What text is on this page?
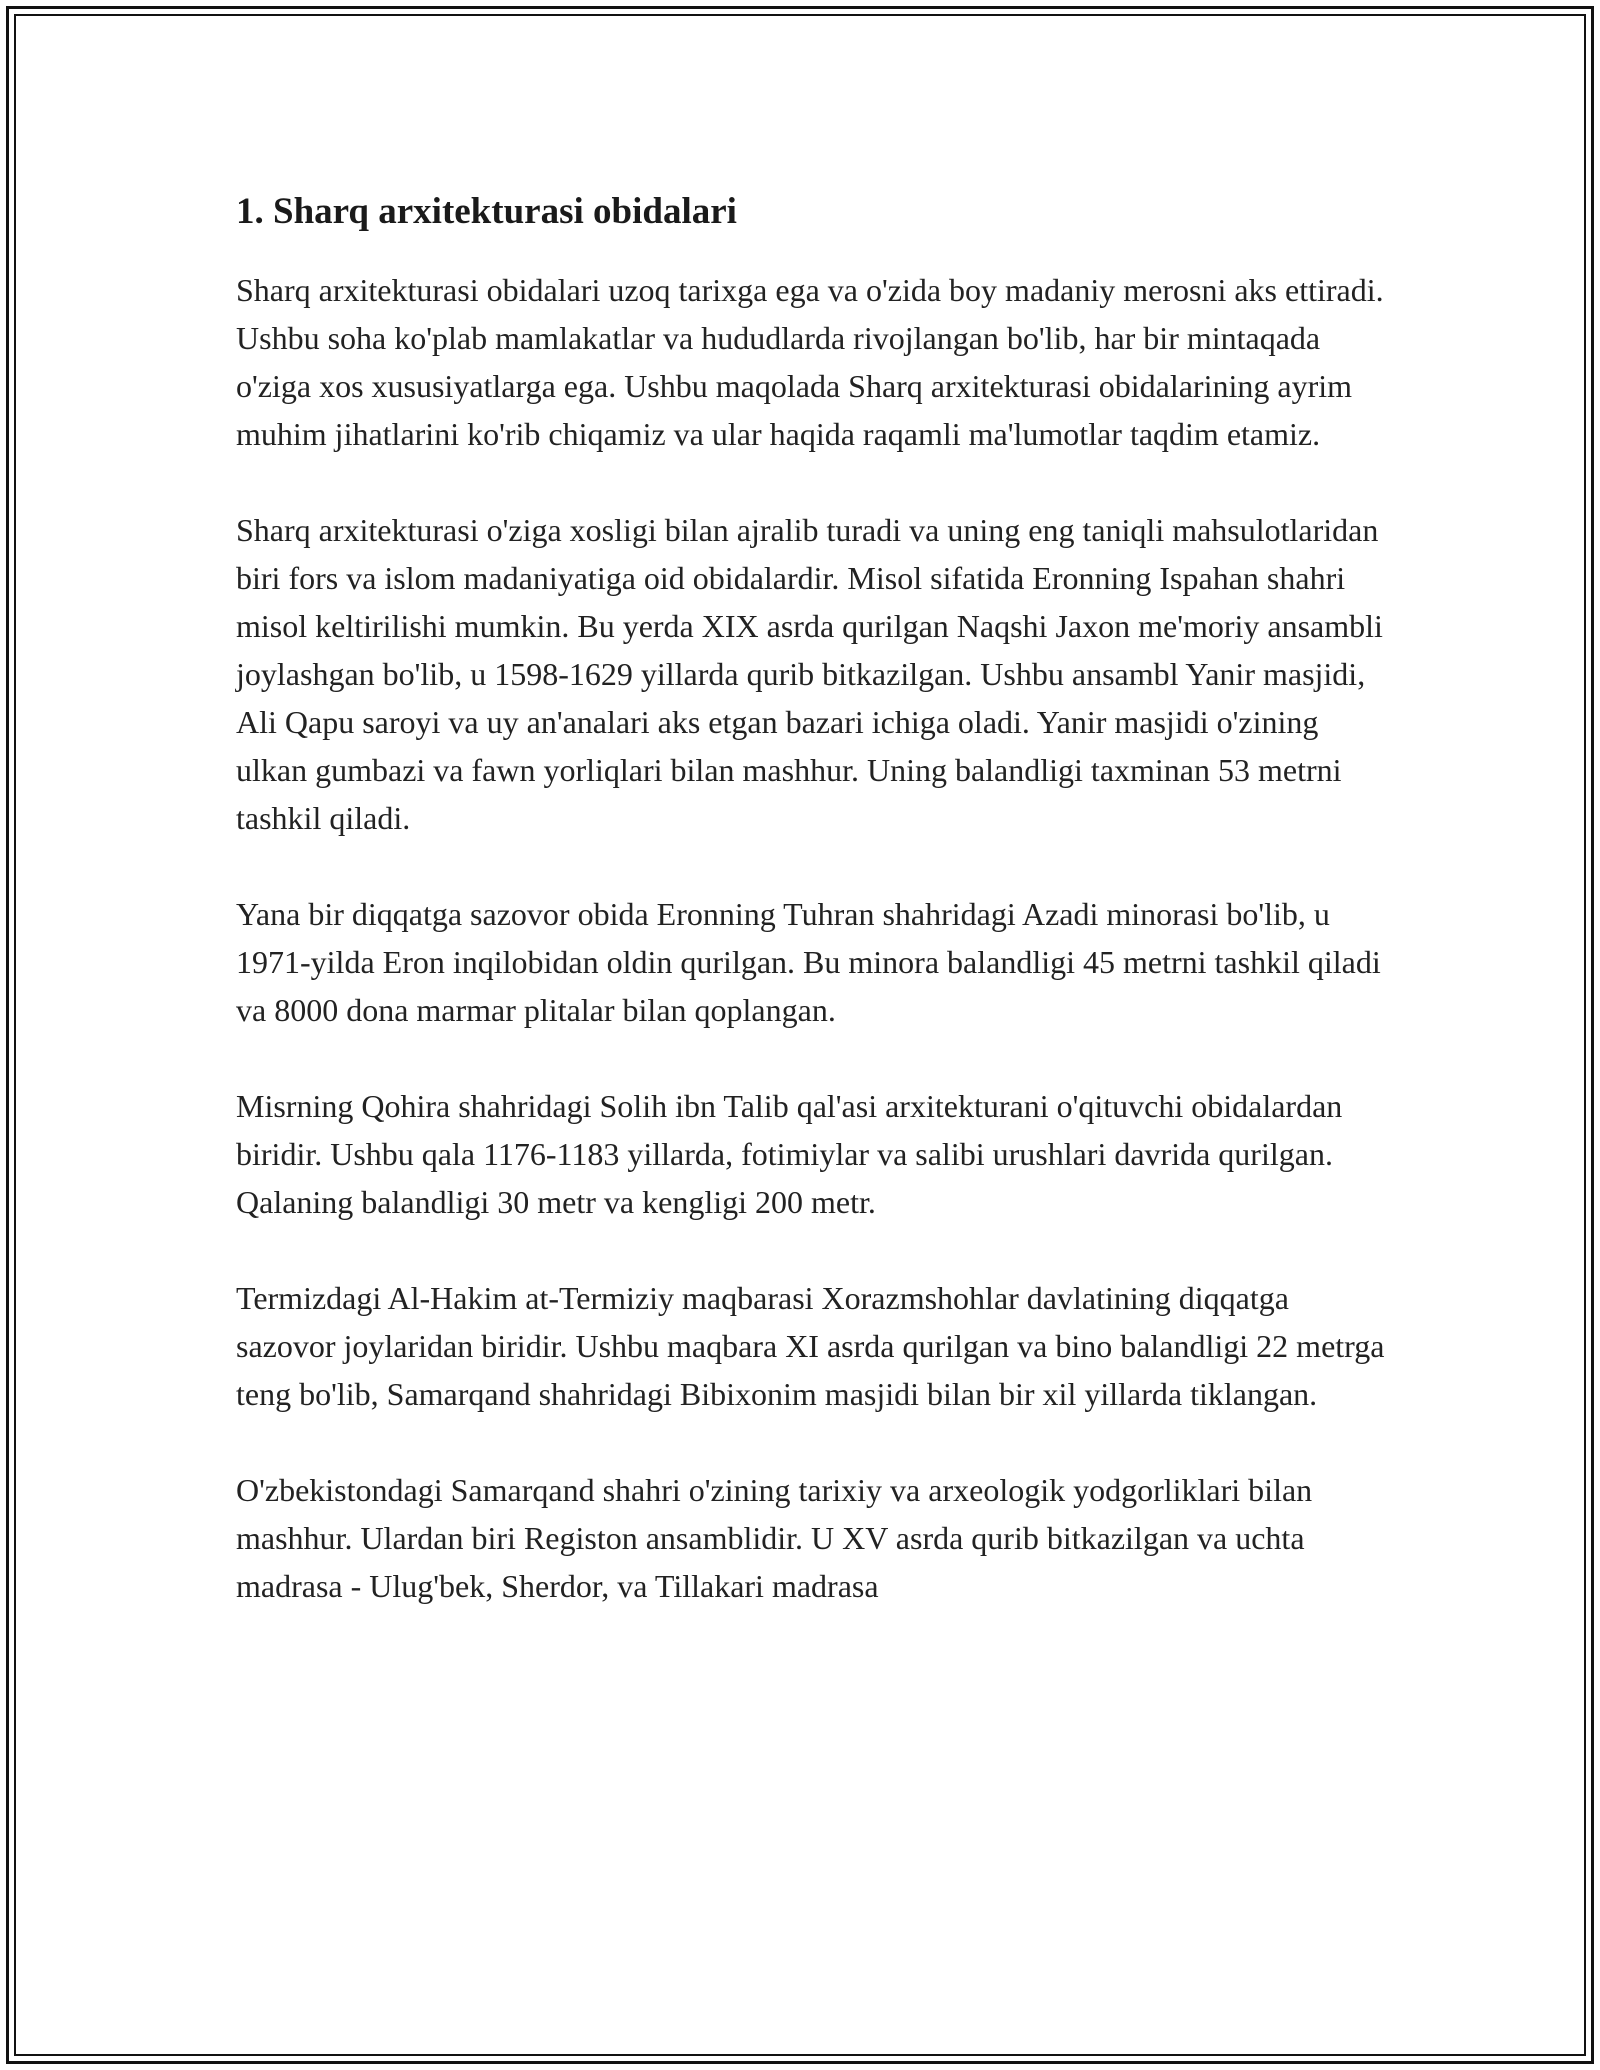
1. Sharq arxitekturasi obidalari

Sharq arxitekturasi obidalari uzoq tarixga ega va o'zida boy madaniy merosni aks ettiradi. Ushbu soha ko'plab mamlakatlar va hududlarda rivojlangan bo'lib, har bir mintaqada o'ziga xos xususiyatlarga ega. Ushbu maqolada Sharq arxitekturasi obidalarining ayrim muhim jihatlarini ko'rib chiqamiz va ular haqida raqamli ma'lumotlar taqdim etamiz.

Sharq arxitekturasi o'ziga xosligi bilan ajralib turadi va uning eng taniqli mahsulotlaridan biri fors va islom madaniyatiga oid obidalardir. Misol sifatida Eronning Ispahan shahri misol keltirilishi mumkin. Bu yerda XIX asrda qurilgan Naqshi Jaxon me'moriy ansambli joylashgan bo'lib, u 1598-1629 yillarda qurib bitkazilgan. Ushbu ansambl Yanir masjidi, Ali Qapu saroyi va uy an'analari aks etgan bazari ichiga oladi. Yanir masjidi o'zining ulkan gumbazi va fawn yorliqlari bilan mashhur. Uning balandligi taxminan 53 metrni tashkil qiladi.

Yana bir diqqatga sazovor obida Eronning Tuhran shahridagi Azadi minorasi bo'lib, u 1971-yilda Eron inqilobidan oldin qurilgan. Bu minora balandligi 45 metrni tashkil qiladi va 8000 dona marmar plitalar bilan qoplangan.

Misrning Qohira shahridagi Solih ibn Talib qal'asi arxitekturani o'qituvchi obidalardan biridir. Ushbu qala 1176-1183 yillarda, fotimiylar va salibi urushlari davrida qurilgan. Qalaning balandligi 30 metr va kengligi 200 metr.

Termizdagi Al-Hakim at-Termiziy maqbarasi Xorazmshohlar davlatining diqqatga sazovor joylaridan biridir. Ushbu maqbara XI asrda qurilgan va bino balandligi 22 metrga teng bo'lib, Samarqand shahridagi Bibixonim masjidi bilan bir xil yillarda tiklangan.

O'zbekistondagi Samarqand shahri o'zining tarixiy va arxeologik yodgorliklari bilan mashhur. Ulardan biri Registon ansamblidir. U XV asrda qurib bitkazilgan va uchta madrasa - Ulug'bek, Sherdor, va Tillakari madrasa
